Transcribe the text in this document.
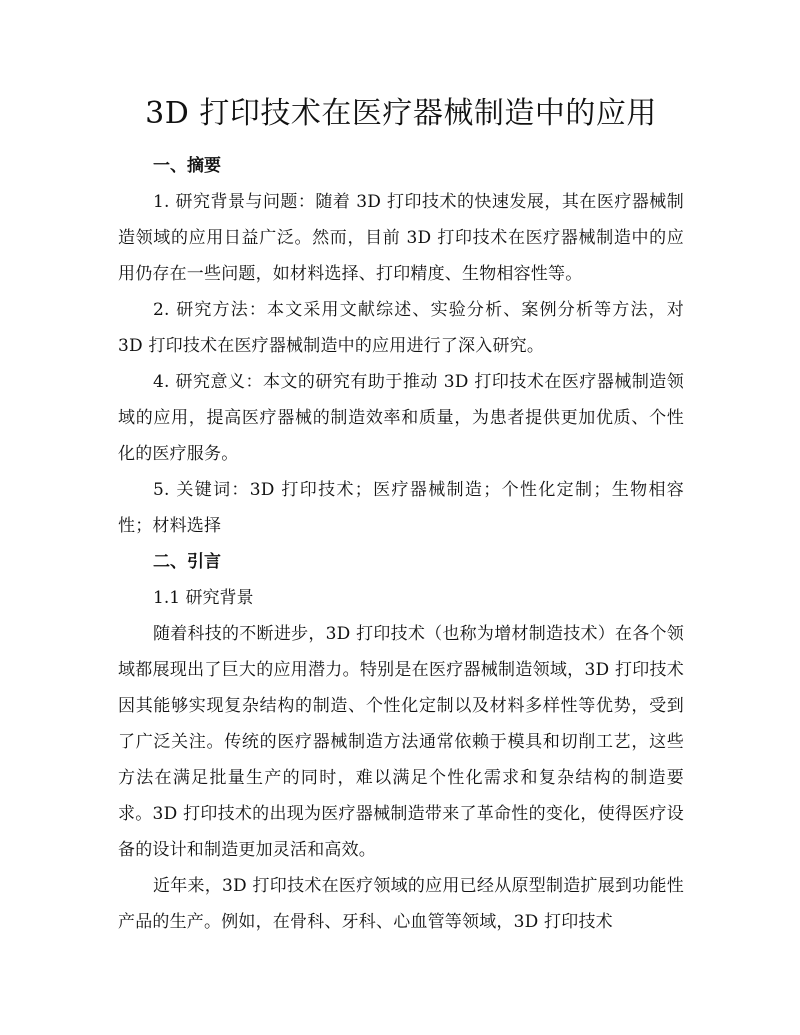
3D 打印技术在医疗器械制造中的应用
一、摘要

1. 研究背景与问题：随着 3D 打印技术的快速发展，其在医疗器械制造领域的应用日益广泛。然而，目前 3D 打印技术在医疗器械制造中的应用仍存在一些问题，如材料选择、打印精度、生物相容性等。

2. 研究方法：本文采用文献综述、实验分析、案例分析等方法，对 3D 打印技术在医疗器械制造中的应用进行了深入研究。

4. 研究意义：本文的研究有助于推动 3D 打印技术在医疗器械制造领域的应用，提高医疗器械的制造效率和质量，为患者提供更加优质、个性化的医疗服务。

5. 关键词：3D 打印技术；医疗器械制造；个性化定制；生物相容性；材料选择

二、引言

1.1 研究背景

随着科技的不断进步，3D 打印技术（也称为增材制造技术）在各个领域都展现出了巨大的应用潜力。特别是在医疗器械制造领域，3D 打印技术因其能够实现复杂结构的制造、个性化定制以及材料多样性等优势，受到了广泛关注。传统的医疗器械制造方法通常依赖于模具和切削工艺，这些方法在满足批量生产的同时，难以满足个性化需求和复杂结构的制造要求。3D 打印技术的出现为医疗器械制造带来了革命性的变化，使得医疗设备的设计和制造更加灵活和高效。

近年来，3D 打印技术在医疗领域的应用已经从原型制造扩展到功能性产品的生产。例如，在骨科、牙科、心血管等领域，3D 打印技术
